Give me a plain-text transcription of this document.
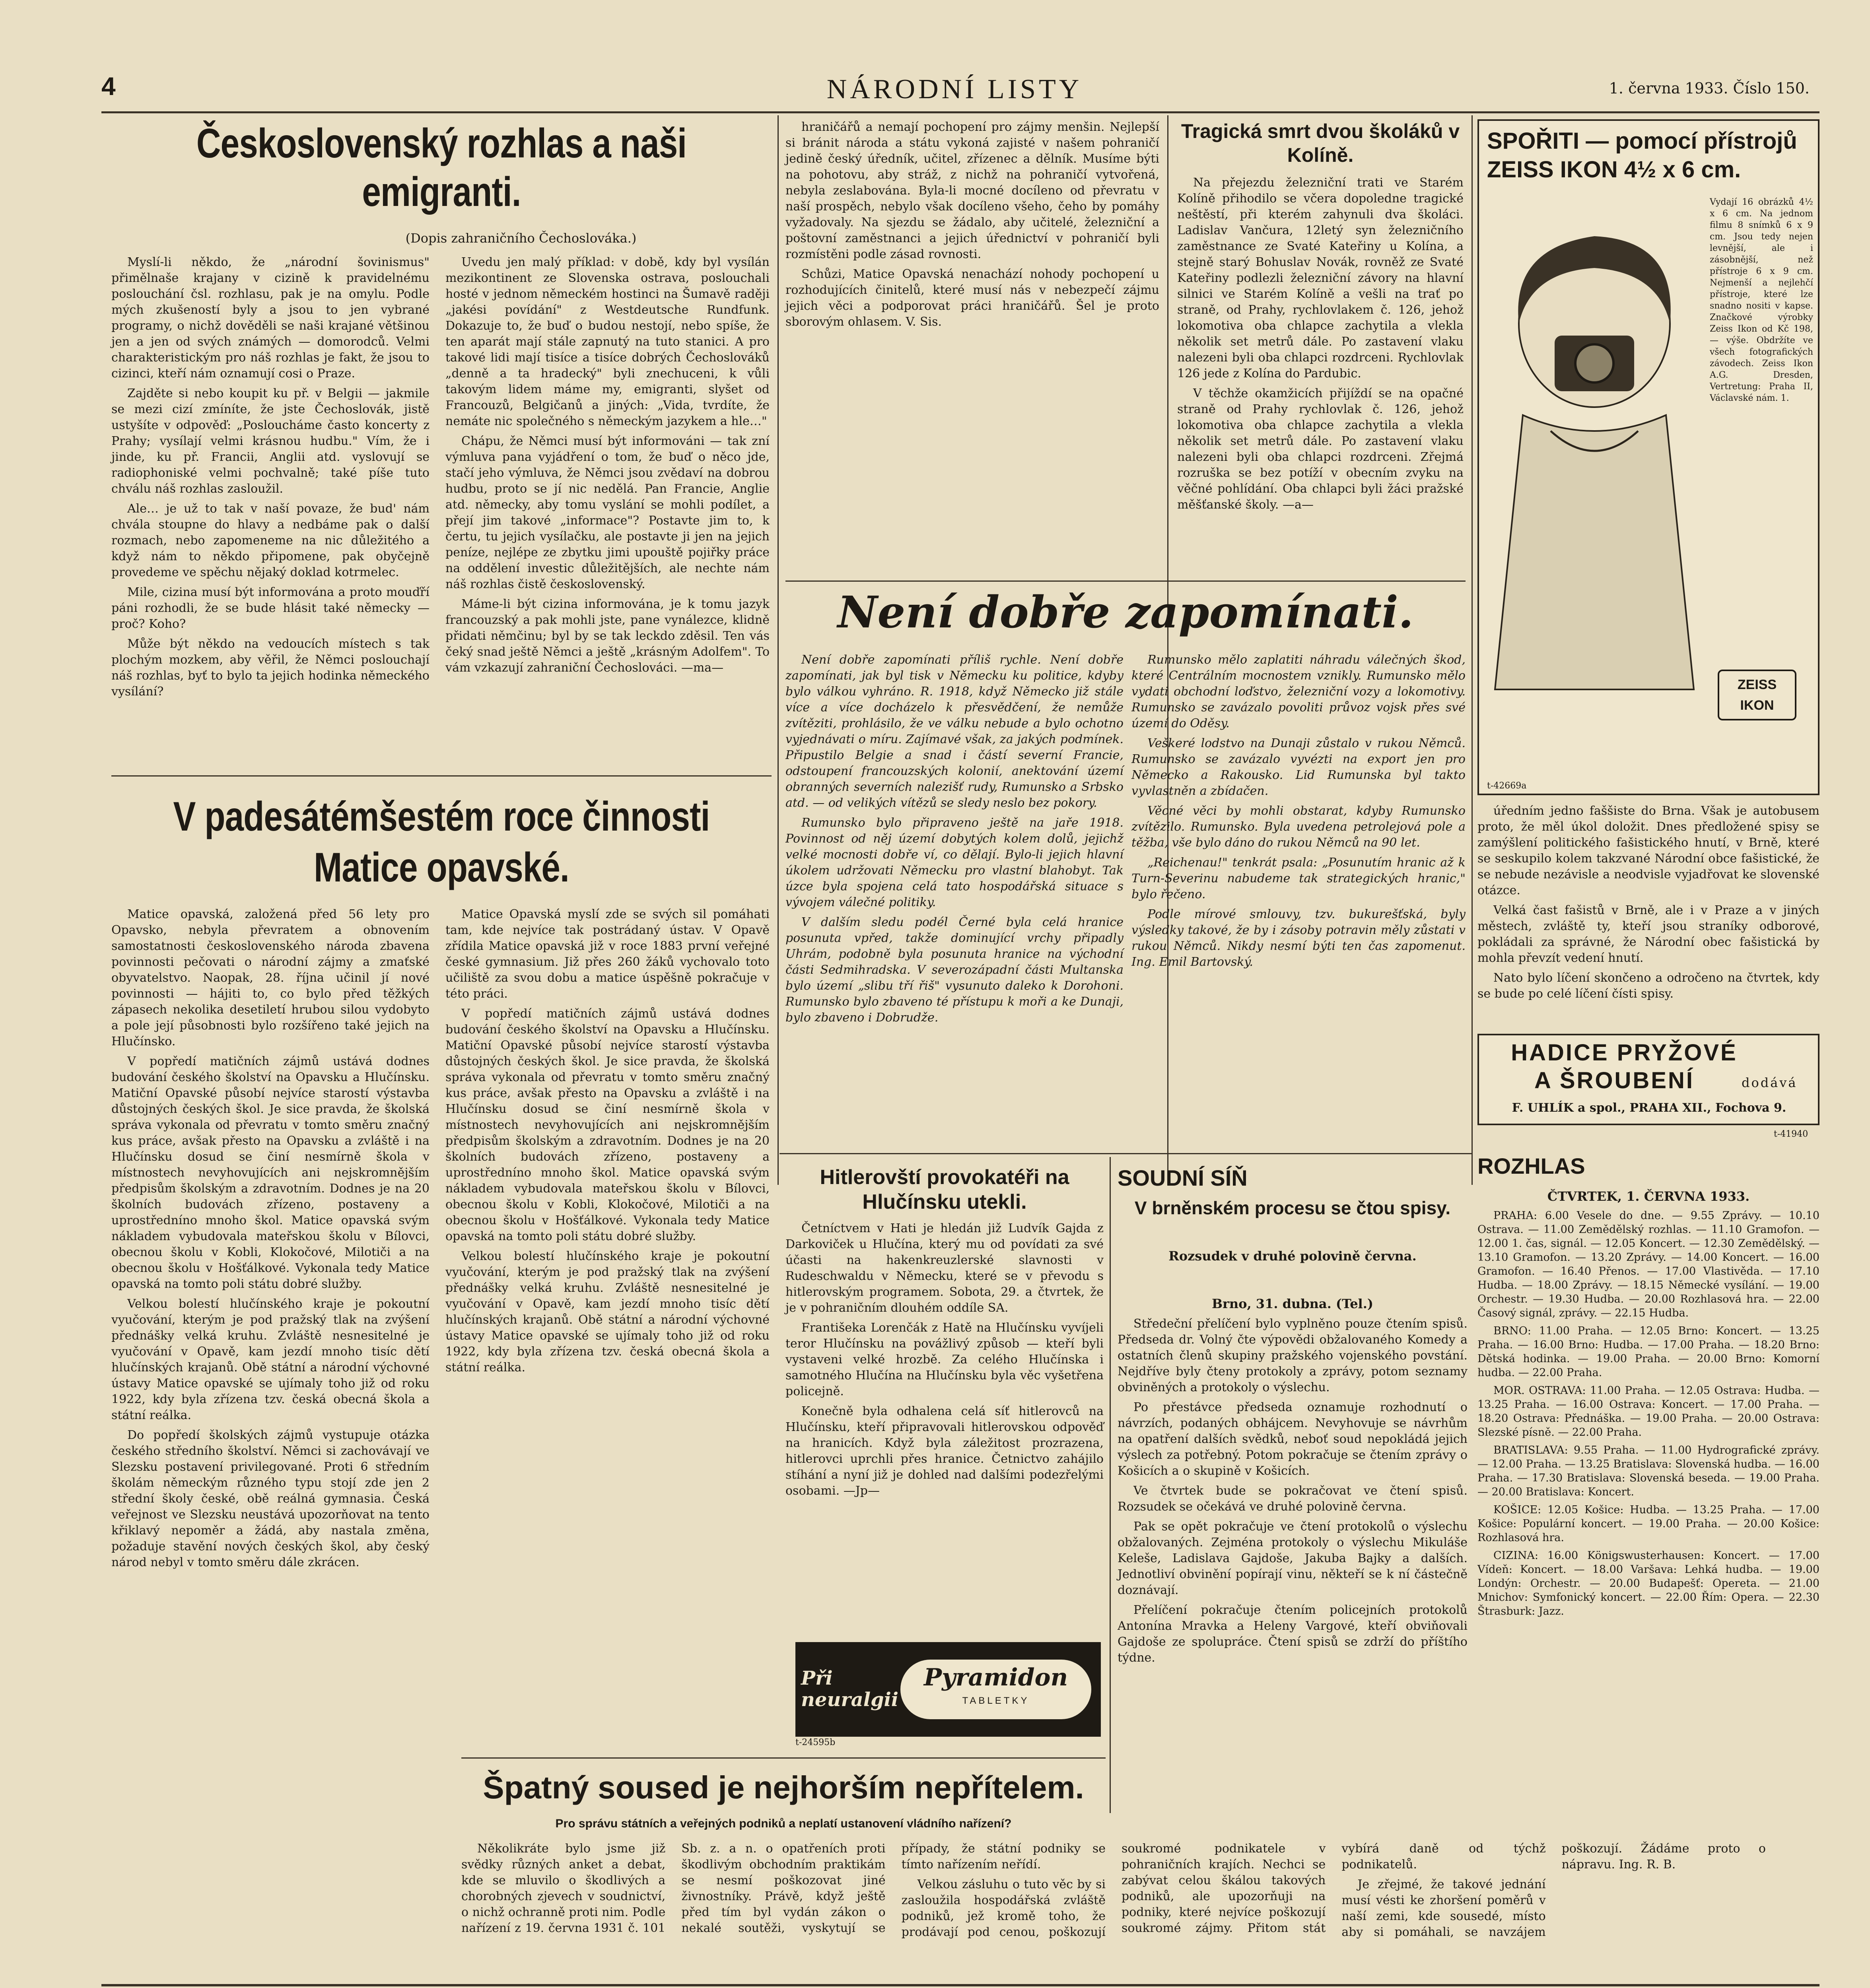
4	NÁRODNÍ LISTY	1. června 1933. Číslo 150.
Československý rozhlas a naši emigranti.
(Dopis zahraničního Čechoslováka.)

Myslí-li někdo, že „národní šovinismus" přimělnaše krajany v cizině k pravidelnému poslouchání čsl. rozhlasu, pak je na omylu. Podle mých zkušeností byly a jsou to jen vybrané programy, o nichž dověděli se naši krajané většinou jen a jen od svých známých — domorodců. Velmi charakteristickým pro náš rozhlas je fakt, že jsou to cizinci, kteří nám oznamují cosi o Praze.

Zajděte si nebo koupit ku př. v Belgii — jakmile se mezi cizí zmíníte, že jste Čechoslovák, jistě ustyšíte v odpověď: „Posloucháme často koncerty z Prahy; vysílají velmi krásnou hudbu." Vím, že i jinde, ku př. Francii, Anglii atd. vyslovují se radiophoniské velmi pochvalně; také píše tuto chválu náš rozhlas zasloužil.

Ale… je už to tak v naší povaze, že bud' nám chvála stoupne do hlavy a nedbáme pak o další rozmach, nebo zapomeneme na nic důležitého a když nám to někdo připomene, pak obyčejně provedeme ve spěchu nějaký doklad kotrmelec.

Mile, cizina musí být informována a proto mouďří páni rozhodli, že se bude hlásit také německy — proč? Koho?

Může být někdo na vedoucích místech s tak plochým mozkem, aby věřil, že Němci poslouchají náš rozhlas, byť to bylo ta jejich hodinka německého vysílání?

Uvedu jen malý příklad: v době, kdy byl vysílán mezikontinent ze Slovenska ostrava, poslouchali hosté v jednom německém hostinci na Šumavě raději „jakési povídání" z Westdeutsche Rundfunk. Dokazuje to, že buď o budou nestojí, nebo spíše, že ten aparát mají stále zapnutý na tuto stanici. A pro takové lidi mají tisíce a tisíce dobrých Čechoslováků „denně a ta hradecký" byli znechuceni, k vůli takovým lidem máme my, emigranti, slyšet od Francouzů, Belgičanů a jiných: „Vida, tvrdíte, že nemáte nic společného s německým jazykem a hle…"

Chápu, že Němci musí být informováni — tak zní výmluva pana vyjádření o tom, že buď o něco jde, stačí jeho výmluva, že Němci jsou zvědaví na dobrou hudbu, proto se jí nic nedělá. Pan Francie, Anglie atd. německy, aby tomu vyslání se mohli podílet, a přejí jim takové „informace"? Postavte jim to, k čertu, tu jejich vysílačku, ale postavte ji jen na jejich peníze, nejlépe ze zbytku jimi upouště pojiřky práce na oddělení investic důležitějších, ale nechte nám náš rozhlas čistě československý.

Máme-li být cizina informována, je k tomu jazyk francouzský a pak mohli jste, pane vynálezce, klidně přidati němčinu; byl by se tak leckdo zděsil. Ten vás čeký snad ještě Němci a ještě „krásným Adolfem". To vám vzkazují zahraniční Čechoslováci. —ma—

V padesátémšestém roce činnosti Matice opavské.

Matice opavská, založená před 56 lety pro Opavsko, nebyla převratem a obnovením samostatnosti československého národa zbavena povinnosti pečovati o národní zájmy a zmaťské obyvatelstvo. Naopak, 28. října učinil jí nové povinnosti — hájiti to, co bylo před těžkých zápasech nekolika desetiletí hrubou silou vydobyto a pole její působnosti bylo rozšířeno také jejich na Hlučínsko.

V popředí matičních zájmů ustává dodnes budování českého školství na Opavsku a Hlučínsku. Matiční Opavské působí nejvíce starostí výstavba důstojných českých škol. Je sice pravda, že školská správa vykonala od převratu v tomto směru značný kus práce, avšak přesto na Opavsku a zvláště i na Hlučínsku dosud se činí nesmírně škola v místnostech nevyhovujících ani nejskromnějším předpisům školským a zdravotním. Dodnes je na 20 školních budovách zřízeno, postaveny a uprostředníno mnoho škol. Matice opavská svým nákladem vybudovala mateřskou školu v Bílovci, obecnou školu v Kobli, Klokočové, Milotiči a na obecnou školu v Hošťálkové. Vykonala tedy Matice opavská na tomto poli státu dobré služby.

Velkou bolestí hlučínského kraje je pokoutní vyučování, kterým je pod pražský tlak na zvýšení přednášky velká kruhu. Zvláště nesnesitelné je vyučování v Opavě, kam jezdí mnoho tisíc dětí hlučínských krajanů. Obě státní a národní výchovné ústavy Matice opavské se ujímaly toho již od roku 1922, kdy byla zřízena tzv. česká obecná škola a státní reálka.

Do popředí školských zájmů vystupuje otázka českého středního školství. Němci si zachovávají ve Slezsku postavení privilegované. Proti 6 středním školám německým různého typu stojí zde jen 2 střední školy české, obě reálná gymnasia. Česká veřejnost ve Slezsku neustává upozorňovat na tento křiklavý nepoměr a žádá, aby nastala změna, požaduje stavění nových českých škol, aby český národ nebyl v tomto směru dále zkrácen.

Matice Opavská myslí zde se svých sil pomáhati tam, kde nejvíce tak postrádaný ústav. V Opavě zřídila Matice opavská již v roce 1883 první veřejné české gymnasium. Již přes 260 žáků vychovalo toto učiliště za svou dobu a matice úspěšně pokračuje v této práci.

V popředí matičních zájmů ustává dodnes budování českého školství na Opavsku a Hlučínsku. Matiční Opavské působí nejvíce starostí výstavba důstojných českých škol. Je sice pravda, že školská správa vykonala od převratu v tomto směru značný kus práce, avšak přesto na Opavsku a zvláště i na Hlučínsku dosud se činí nesmírně škola v místnostech nevyhovujících ani nejskromnějším předpisům školským a zdravotním. Dodnes je na 20 školních budovách zřízeno, postaveny a uprostředníno mnoho škol. Matice opavská svým nákladem vybudovala mateřskou školu v Bílovci, obecnou školu v Kobli, Klokočové, Milotiči a na obecnou školu v Hošťálkové. Vykonala tedy Matice opavská na tomto poli státu dobré služby.

Velkou bolestí hlučínského kraje je pokoutní vyučování, kterým je pod pražský tlak na zvýšení přednášky velká kruhu. Zvláště nesnesitelné je vyučování v Opavě, kam jezdí mnoho tisíc dětí hlučínských krajanů. Obě státní a národní výchovné ústavy Matice opavské se ujímaly toho již od roku 1922, kdy byla zřízena tzv. česká obecná škola a státní reálka.

hraničářů a nemají pochopení pro zájmy menšin. Nejlepší si bránit národa a státu vykoná zajisté v našem pohraničí jedině český úředník, učitel, zřízenec a dělník. Musíme býti na pohotovu, aby stráž, z nichž na pohraničí vytvořená, nebyla zeslabována. Byla-li mocné docíleno od převratu v naší prospěch, nebylo však docíleno všeho, čeho by pomáhy vyžadovaly. Na sjezdu se žádalo, aby učitelé, železniční a poštovní zaměstnanci a jejich úřednictví v pohraničí byli rozmístěni podle zásad rovnosti.

Schůzi, Matice Opavská nenachází nohody pochopení u rozhodujících činitelů, které musí nás v nebezpečí zájmu jejich věci a podporovat práci hraničářů. Šel je proto sborovým ohlasem. V. Sis.

Tragická smrt dvou školáků v Kolíně.

Na přejezdu železniční trati ve Starém Kolíně přihodilo se včera dopoledne tragické neštěstí, při kterém zahynuli dva školáci. Ladislav Vančura, 12letý syn železničního zaměstnance ze Svaté Kateřiny u Kolína, a stejně starý Bohuslav Novák, rovněž ze Svaté Kateřiny podlezli železniční závory na hlavní silnici ve Starém Kolíně a vešli na trať po straně, od Prahy, rychlovlakem č. 126, jehož lokomotiva oba chlapce zachytila a vlekla několik set metrů dále. Po zastavení vlaku nalezeni byli oba chlapci rozdrceni. Rychlovlak 126 jede z Kolína do Pardubic.

V těchže okamžicích přijíždí se na opačné straně od Prahy rychlovlak č. 126, jehož lokomotiva oba chlapce zachytila a vlekla několik set metrů dále. Po zastavení vlaku nalezeni byli oba chlapci rozdrceni. Zřejmá rozruška se bez potíží v obecním zvyku na věčné pohlídání. Oba chlapci byli žáci pražské měšťanské školy. —a—

Není dobře zapomínati.

Není dobře zapomínati příliš rychle. Není dobře zapomínati, jak byl tisk v Německu ku politice, kdyby bylo válkou vyhráno. R. 1918, když Německo již stále více a více docházelo k přesvědčení, že nemůže zvítěziti, prohlásilo, že ve válku nebude a bylo ochotno vyjednávati o míru. Zajímavé však, za jakých podmínek. Připustilo Belgie a snad i částí severní Francie, odstoupení francouzských kolonií, anektování území obranných severních nalezišť rudy, Rumunsko a Srbsko atd. — od velikých vítězů se sledy neslo bez pokory.

Rumunsko bylo připraveno ještě na jaře 1918. Povinnost od něj území dobytých kolem dolů, jejichž velké mocnosti dobře ví, co dělají. Bylo-li jejich hlavní úkolem udržovati Německu pro vlastní blahobyt. Tak úzce byla spojena celá tato hospodářská situace s vývojem válečné politiky.

V dalším sledu podél Černé byla celá hranice posunuta vpřed, takže dominující vrchy připadly Uhrám, podobně byla posunuta hranice na východní části Sedmihradska. V severozápadní části Multanska bylo území „slibu tří řiš" vysunuto daleko k Dorohoni. Rumunsko bylo zbaveno té přístupu k moři a ke Dunaji, bylo zbaveno i Dobrudže.

Rumunsko mělo zaplatiti náhradu válečných škod, které Centrálním mocnostem vznikly. Rumunsko mělo vydati obchodní loďstvo, železniční vozy a lokomotivy. Rumunsko se zavázalo povoliti průvoz vojsk přes své území do Oděsy.

Veškeré lodstvo na Dunaji zůstalo v rukou Němců. Rumunsko se zavázalo vyvézti na export jen pro Německo a Rakousko. Lid Rumunska byl takto vyvlastněn a zbídačen.

Věcné věci by mohli obstarat, kdyby Rumunsko zvítězilo. Rumunsko. Byla uvedena petrolejová pole a těžba, vše bylo dáno do rukou Němců na 90 let.

„Reichenau!" tenkrát psala: „Posunutím hranic až k Turn-Severinu nabudeme tak strategických hranic," bylo řečeno.

Podle mírové smlouvy, tzv. bukurešťská, byly výsledky takové, že by i zásoby potravin měly zůstati v rukou Němců. Nikdy nesmí býti ten čas zapomenut. Ing. Emil Bartovský.

SPOŘITI — pomocí přístrojů ZEISS IKON 4½ x 6 cm.
Vydají 16 obrázků 4½ x 6 cm. Na jednom filmu 8 snímků 6 x 9 cm. Jsou tedy nejen levnější, ale i zásobnější, než přístroje 6 x 9 cm. Nejmenší a nejlehčí přístroje, které lze snadno nositi v kapse. Značkové výrobky Zeiss Ikon od Kč 198,— výše. Obdržíte ve všech fotografických závodech. Zeiss Ikon A.G. Dresden, Vertretung: Praha II, Václavské nám. 1.
ZEISS IKON
t-42669a

úředním jedno faššiste do Brna. Však je autobusem proto, že měl úkol doložit. Dnes předložené spisy se zamýšlení politického fašistického hnutí, v Brně, které se seskupilo kolem takzvané Národní obce fašistické, že se nebude nezávisle a neodvisle vyjadřovat ke slovenské otázce.

Velká čast fašistů v Brně, ale i v Praze a v jiných městech, zvláště ty, kteří jsou straníky odborové, pokládali za správné, že Národní obec fašistická by mohla převzít vedení hnutí.

Nato bylo líčení skončeno a odročeno na čtvrtek, kdy se bude po celé líčení čísti spisy.

HADICE PRYŽOVÉ
A ŠROUBENÍ	dodává
F. UHLÍK a spol., PRAHA XII., Fochova 9.
t-41940
Hitlerovští provokatéři na Hlučínsku utekli.

Četníctvem v Hati je hledán již Ludvík Gajda z Darkoviček u Hlučína, který mu od povídati za své účasti na hakenkreuzlerské slavnosti v Rudeschwaldu v Německu, které se v převodu s hitlerovským programem. Sobota, 29. a čtvrtek, že je v pohraničním dlouhém oddíle SA.

Františeka Lorenčák z Hatě na Hlučínsku vyvíjeli teror Hlučínsku na povážlivý způsob — kteří byli vystaveni velké hrozbě. Za celého Hlučínska i samotného Hlučína na Hlučínsku byla věc vyšetřena policejně.

Konečně byla odhalena celá síť hitlerovců na Hlučínsku, kteří připravovali hitlerovskou odpověď na hranicích. Když byla záležitost prozrazena, hitlerovci uprchli přes hranice. Četnictvo zahájilo stíhání a nyní již je dohled nad dalšími podezřelými osobami. —Jp—

Při neuralgii
Pyramidon
TABLETKY
t-24595b
SOUDNÍ SÍŇ
V brněnském procesu se čtou spisy.
Rozsudek v druhé polovině června.
Brno, 31. dubna. (Tel.)

Středeční přelíčení bylo vyplněno pouze čtením spisů. Předseda dr. Volný čte výpovědi obžalovaného Komedy a ostatních členů skupiny pražského vojenského povstání. Nejdříve byly čteny protokoly a zprávy, potom seznamy obviněných a protokoly o výslechu.

Po přestávce předseda oznamuje rozhodnutí o návrzích, podaných obhájcem. Nevyhovuje se návrhům na opatření dalších svědků, neboť soud nepokládá jejich výslech za potřebný. Potom pokračuje se čtením zprávy o Košicích a o skupině v Košicích.

Ve čtvrtek bude se pokračovat ve čtení spisů. Rozsudek se očekává ve druhé polovině června.

Pak se opět pokračuje ve čtení protokolů o výslechu obžalovaných. Zejména protokoly o výslechu Mikuláše Keleše, Ladislava Gajdoše, Jakuba Bajky a dalších. Jednotliví obvinění popírají vinu, někteří se k ní částečně doznávají.

Přelíčení pokračuje čtením policejních protokolů Antonína Mravka a Heleny Vargové, kteří obviňovali Gajdoše ze spolupráce. Čtení spisů se zdrží do příštího týdne.

ROZHLAS
ČTVRTEK, 1. ČERVNA 1933.

PRAHA: 6.00 Vesele do dne. — 9.55 Zprávy. — 10.10 Ostrava. — 11.00 Zemědělský rozhlas. — 11.10 Gramofon. — 12.00 1. čas, signál. — 12.05 Koncert. — 12.30 Zemědělský. — 13.10 Gramofon. — 13.20 Zprávy. — 14.00 Koncert. — 16.00 Gramofon. — 16.40 Přenos. — 17.00 Vlastivěda. — 17.10 Hudba. — 18.00 Zprávy. — 18.15 Německé vysílání. — 19.00 Orchestr. — 19.30 Hudba. — 20.00 Rozhlasová hra. — 22.00 Časový signál, zprávy. — 22.15 Hudba.

BRNO: 11.00 Praha. — 12.05 Brno: Koncert. — 13.25 Praha. — 16.00 Brno: Hudba. — 17.00 Praha. — 18.20 Brno: Dětská hodinka. — 19.00 Praha. — 20.00 Brno: Komorní hudba. — 22.00 Praha.

MOR. OSTRAVA: 11.00 Praha. — 12.05 Ostrava: Hudba. — 13.25 Praha. — 16.00 Ostrava: Koncert. — 17.00 Praha. — 18.20 Ostrava: Přednáška. — 19.00 Praha. — 20.00 Ostrava: Slezské písně. — 22.00 Praha.

BRATISLAVA: 9.55 Praha. — 11.00 Hydrografické zprávy. — 12.00 Praha. — 13.25 Bratislava: Slovenská hudba. — 16.00 Praha. — 17.30 Bratislava: Slovenská beseda. — 19.00 Praha. — 20.00 Bratislava: Koncert.

KOŠICE: 12.05 Košice: Hudba. — 13.25 Praha. — 17.00 Košice: Populární koncert. — 19.00 Praha. — 20.00 Košice: Rozhlasová hra.

CIZINA: 16.00 Königswusterhausen: Koncert. — 17.00 Vídeň: Koncert. — 18.00 Varšava: Lehká hudba. — 19.00 Londýn: Orchestr. — 20.00 Budapešť: Opereta. — 21.00 Mnichov: Symfonický koncert. — 22.00 Řím: Opera. — 22.30 Štrasburk: Jazz.

Špatný soused je nejhorším nepřítelem.
Pro správu státních a veřejných podniků a neplatí ustanovení vládního nařízení?

Několikráte bylo jsme již svědky různých anket a debat, kde se mluvilo o škodlivých a chorobných zjevech v soudnictví, o nichž ochranně proti nim. Podle nařízení z 19. června 1931 č. 101 Sb. z. a n. o opatřeních proti škodlivým obchodním praktikám se nesmí poškozovat jiné živnostníky. Právě, když ještě před tím byl vydán zákon o nekalé soutěži, vyskytují se případy, že státní podniky se tímto nařízením neřídí.

Velkou zásluhu o tuto věc by si zasloužila hospodářská zvláště podniků, jež kromě toho, že prodávají pod cenou, poškozují soukromé podnikatele v pohraničních krajích. Nechci se zabývat celou škálou takových podniků, ale upozorňuji na podniky, které nejvíce poškozují soukromé zájmy. Přitom stát vybírá daně od týchž podnikatelů.

Je zřejmé, že takové jednání musí vésti ke zhoršení poměrů v naší zemi, kde sousedé, místo aby si pomáhali, se navzájem poškozují. Žádáme proto o nápravu. Ing. R. B.
